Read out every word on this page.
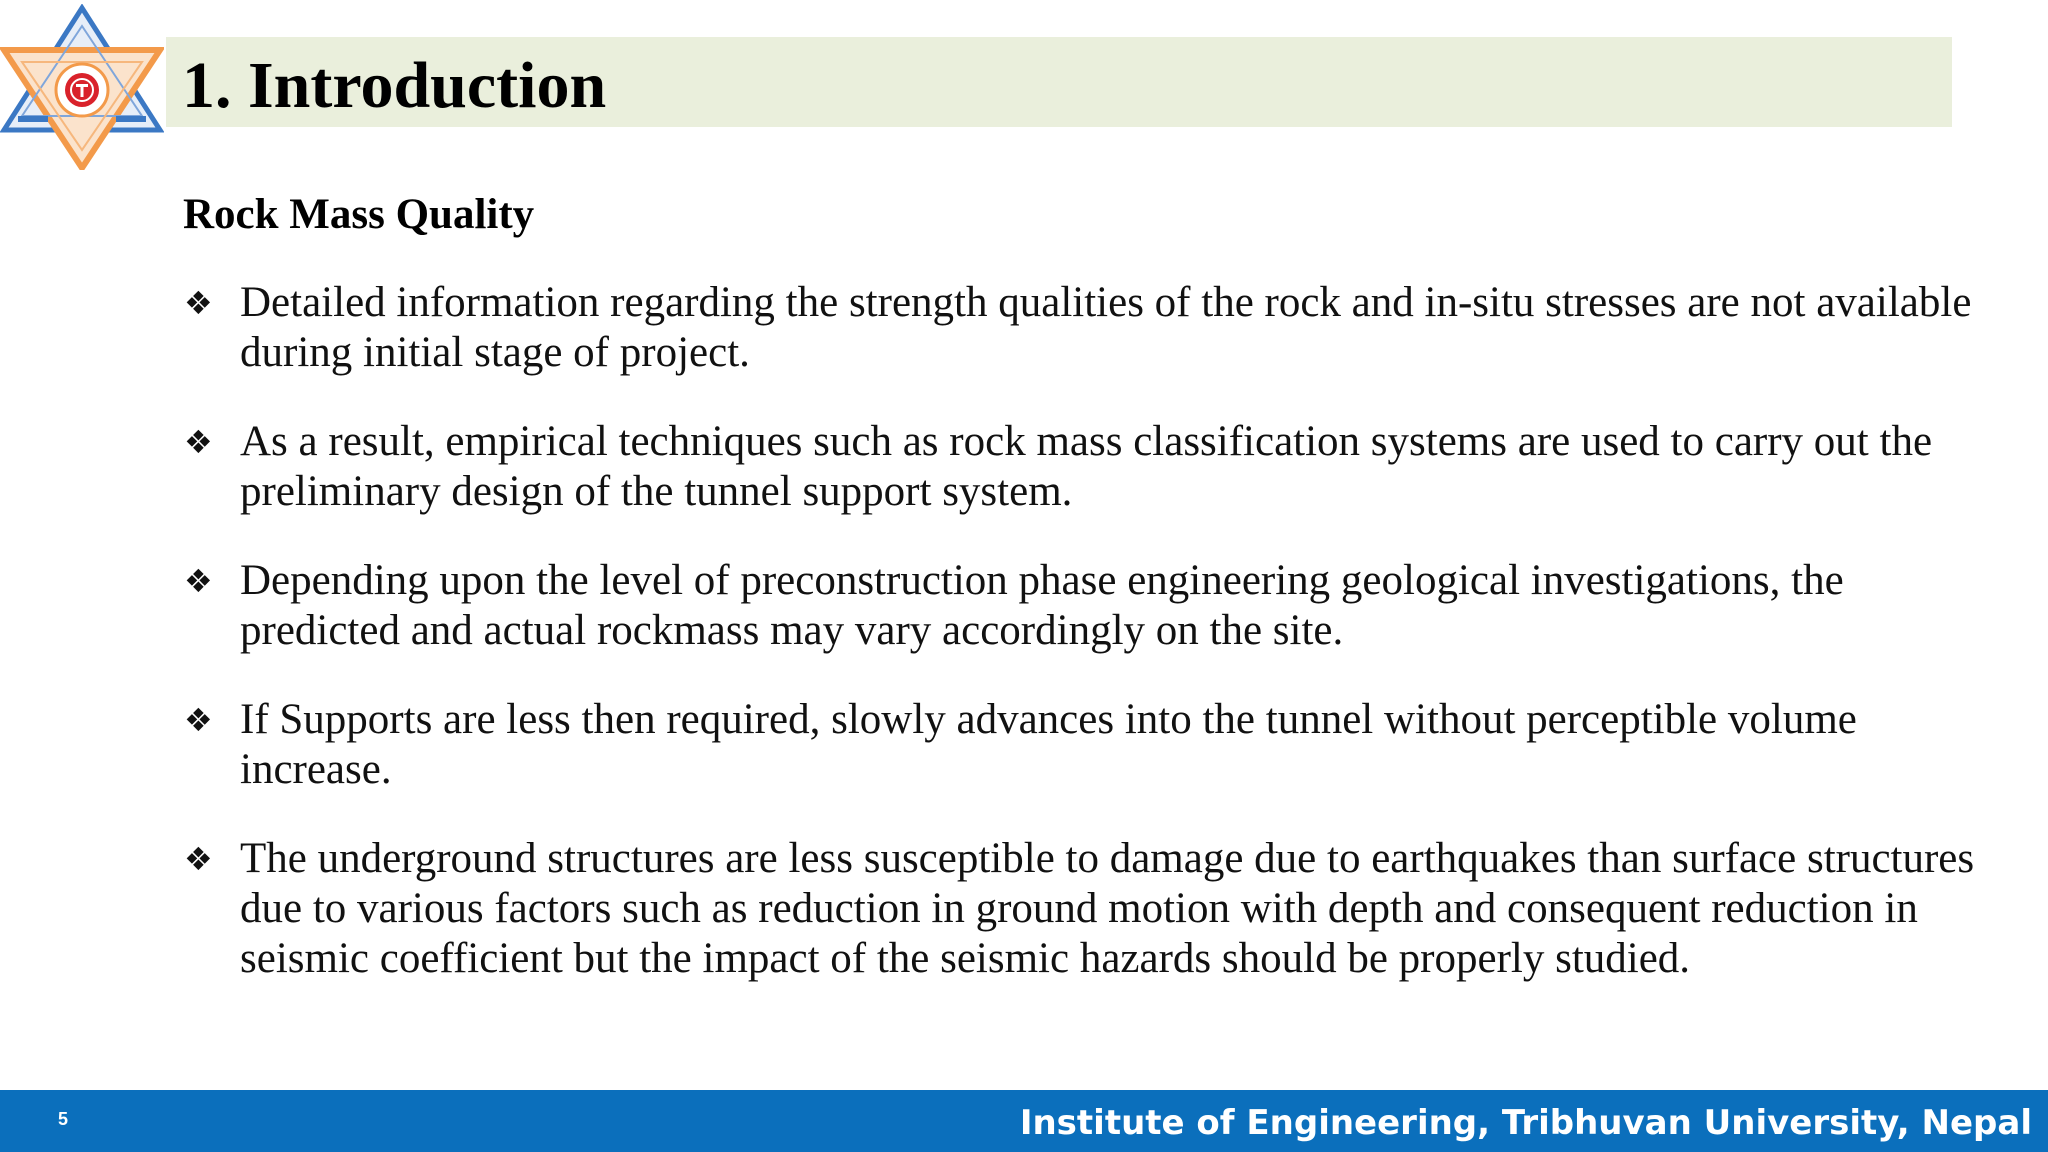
1. Introduction
Rock Mass Quality
❖ Detailed information regarding the strength qualities of the rock and in-situ stresses are not available during initial stage of project.
❖ As a result, empirical techniques such as rock mass classification systems are used to carry out the preliminary design of the tunnel support system.
❖ Depending upon the level of preconstruction phase engineering geological investigations, the predicted and actual rockmass may vary accordingly on the site.
❖ If Supports are less then required, slowly advances into the tunnel without perceptible volume increase.
❖ The underground structures are less susceptible to damage due to earthquakes than surface structures due to various factors such as reduction in ground motion with depth and consequent reduction in seismic coefficient but the impact of the seismic hazards should be properly studied.
5	Institute of Engineering, Tribhuvan University, Nepal
